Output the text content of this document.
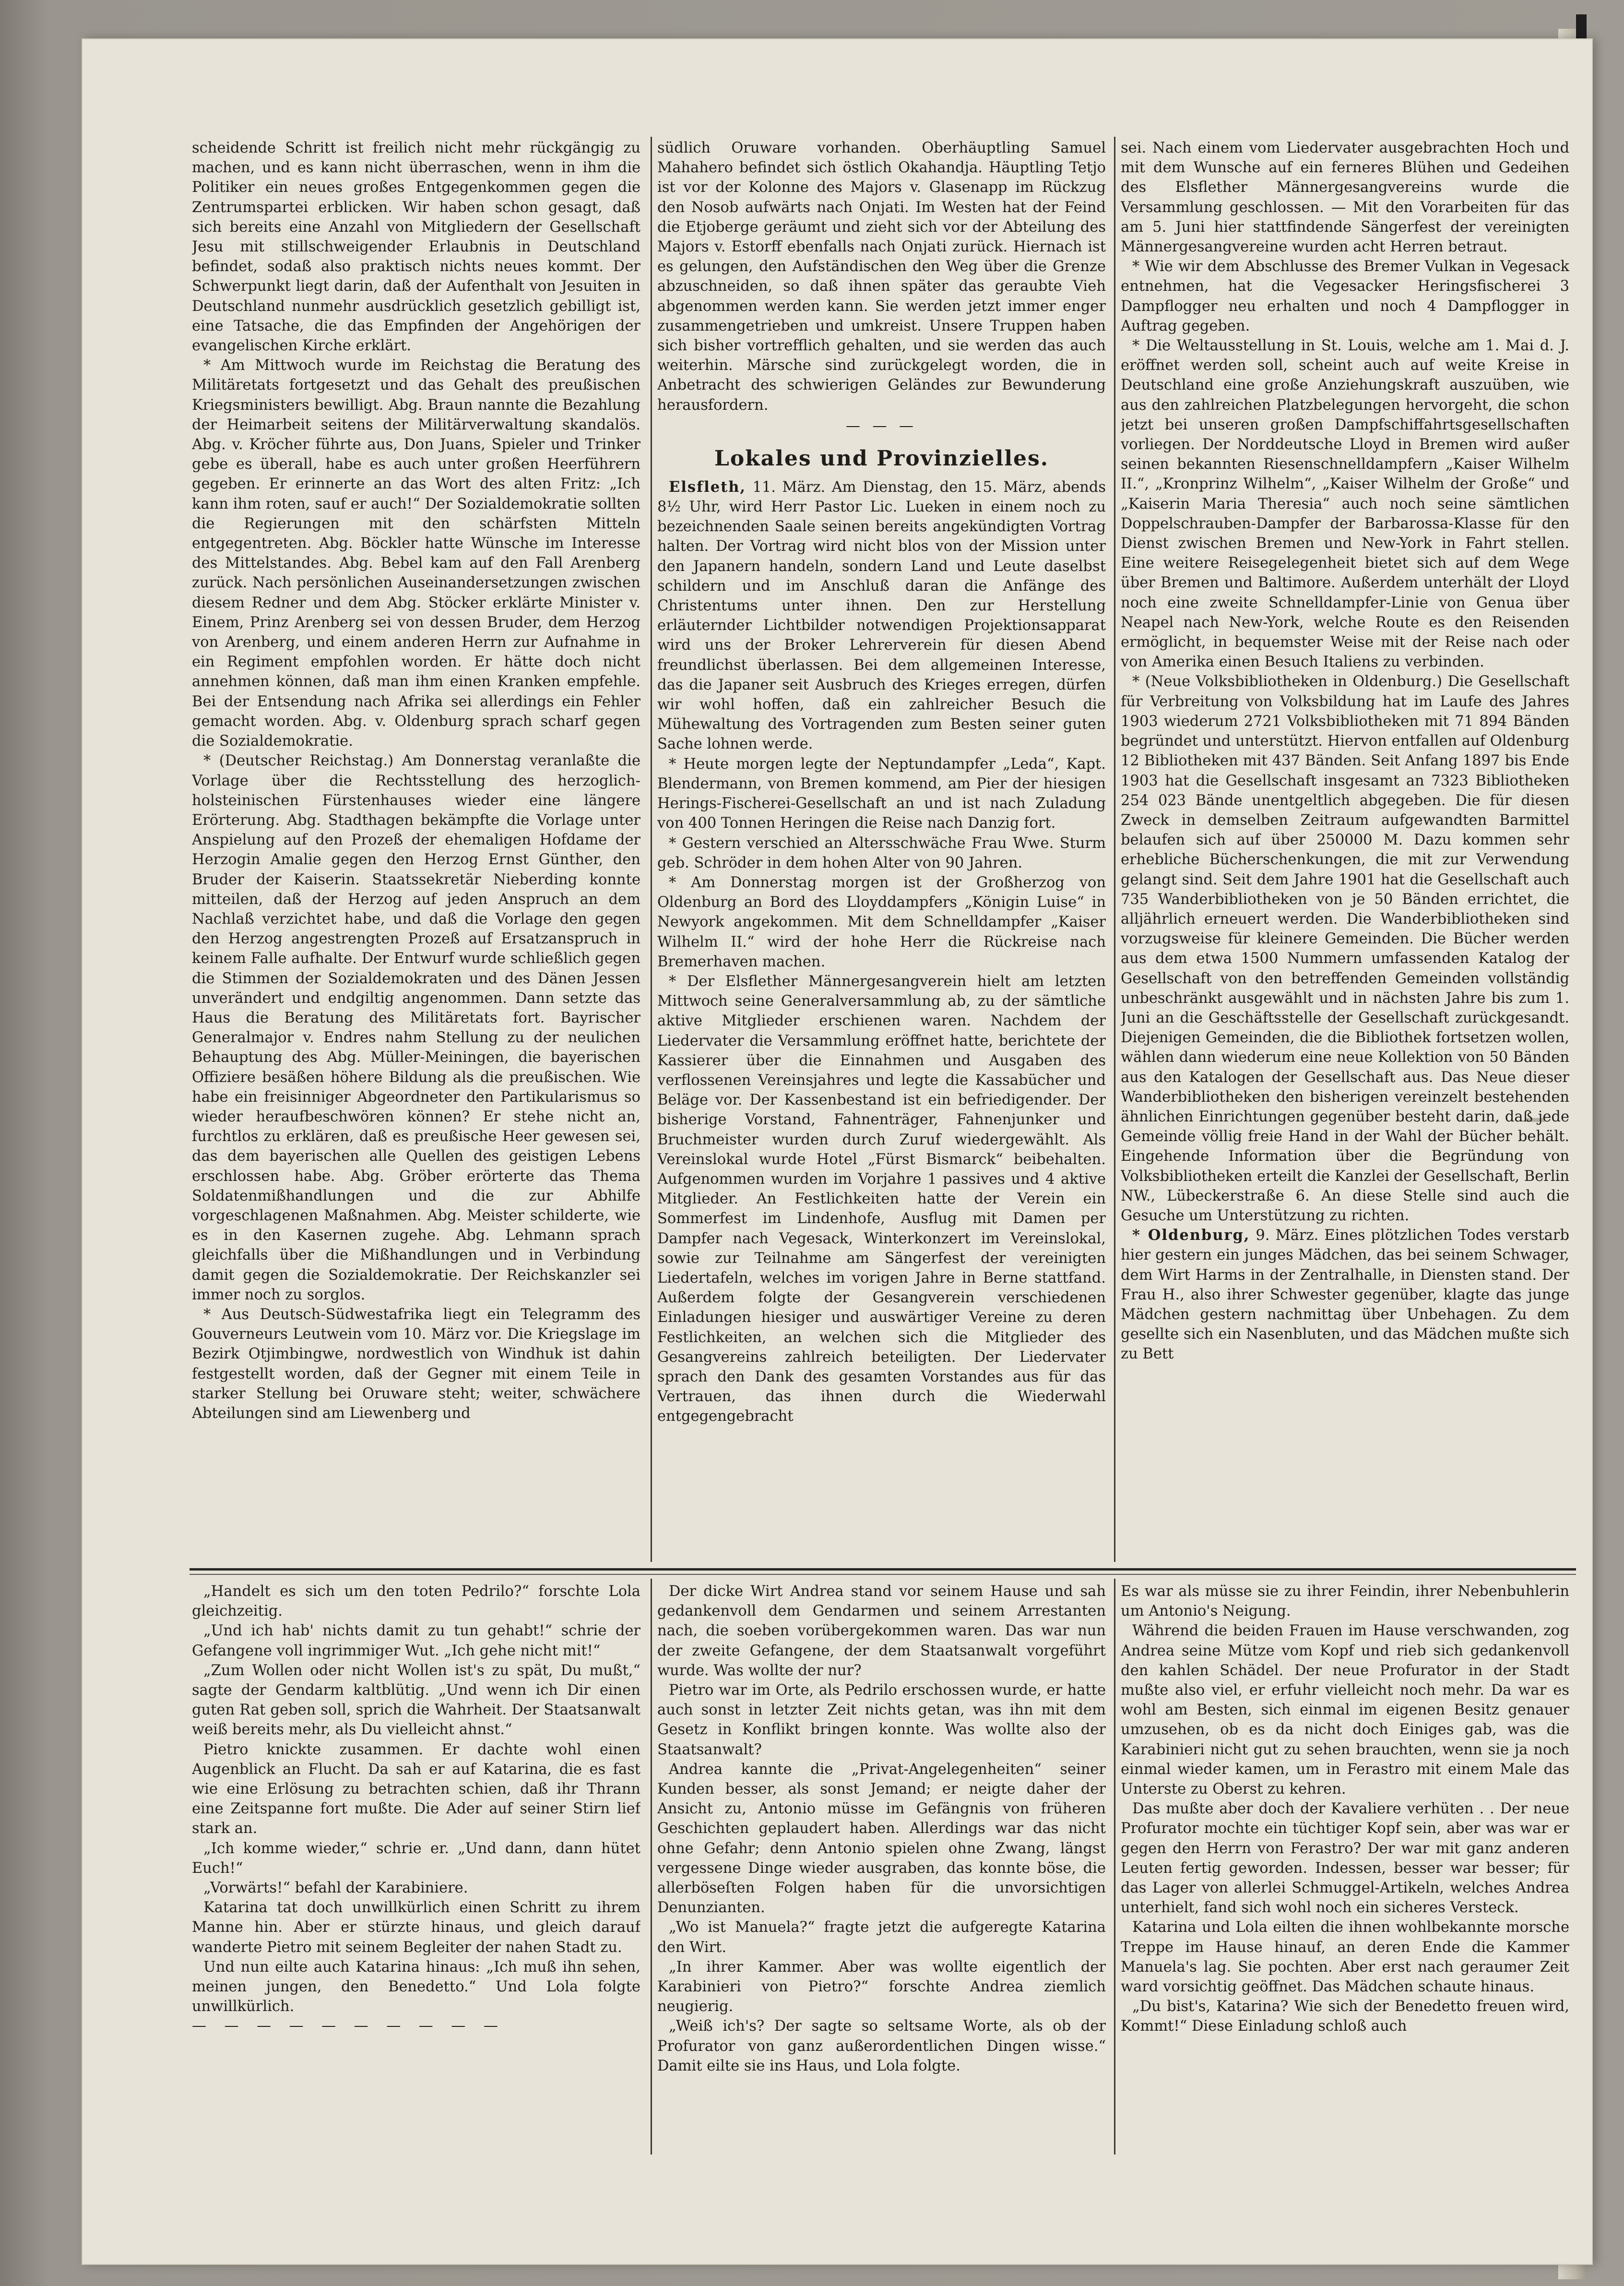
scheidende Schritt ist freilich nicht mehr rückgängig zu machen, und es kann nicht überraschen, wenn in ihm die Politiker ein neues großes Entgegenkommen gegen die Zentrumspartei erblicken. Wir haben schon gesagt, daß sich bereits eine Anzahl von Mitgliedern der Gesellschaft Jesu mit stillschweigender Erlaubnis in Deutschland befindet, sodaß also praktisch nichts neues kommt. Der Schwerpunkt liegt darin, daß der Aufenthalt von Jesuiten in Deutschland nunmehr ausdrücklich gesetzlich gebilligt ist, eine Tatsache, die das Empfinden der Angehörigen der evangelischen Kirche erklärt.

* Am Mittwoch wurde im Reichstag die Beratung des Militäretats fortgesetzt und das Gehalt des preußischen Kriegsministers bewilligt. Abg. Braun nannte die Bezahlung der Heimarbeit seitens der Militärverwaltung skandalös. Abg. v. Kröcher führte aus, Don Juans, Spieler und Trinker gebe es überall, habe es auch unter großen Heerführern gegeben. Er erinnerte an das Wort des alten Fritz: „Ich kann ihm roten, sauf er auch!“ Der Sozialdemokratie sollten die Regierungen mit den schärfsten Mitteln entgegentreten. Abg. Böckler hatte Wünsche im Interesse des Mittelstandes. Abg. Bebel kam auf den Fall Arenberg zurück. Nach persönlichen Auseinandersetzungen zwischen diesem Redner und dem Abg. Stöcker erklärte Minister v. Einem, Prinz Arenberg sei von dessen Bruder, dem Herzog von Arenberg, und einem anderen Herrn zur Aufnahme in ein Regiment empfohlen worden. Er hätte doch nicht annehmen können, daß man ihm einen Kranken empfehle. Bei der Entsendung nach Afrika sei allerdings ein Fehler gemacht worden. Abg. v. Oldenburg sprach scharf gegen die Sozialdemokratie.

* (Deutscher Reichstag.) Am Donnerstag veranlaßte die Vorlage über die Rechtsstellung des herzoglich-holsteinischen Fürstenhauses wieder eine längere Erörterung. Abg. Stadthagen bekämpfte die Vorlage unter Anspielung auf den Prozeß der ehemaligen Hofdame der Herzogin Amalie gegen den Herzog Ernst Günther, den Bruder der Kaiserin. Staatssekretär Nieberding konnte mitteilen, daß der Herzog auf jeden Anspruch an dem Nachlaß verzichtet habe, und daß die Vorlage den gegen den Herzog angestrengten Prozeß auf Ersatzanspruch in keinem Falle aufhalte. Der Entwurf wurde schließlich gegen die Stimmen der Sozialdemokraten und des Dänen Jessen unverändert und endgiltig angenommen. Dann setzte das Haus die Beratung des Militäretats fort. Bayrischer Generalmajor v. Endres nahm Stellung zu der neulichen Behauptung des Abg. Müller-Meiningen, die bayerischen Offiziere besäßen höhere Bildung als die preußischen. Wie habe ein freisinniger Abgeordneter den Partikularismus so wieder heraufbeschwören können? Er stehe nicht an, furchtlos zu erklären, daß es preußische Heer gewesen sei, das dem bayerischen alle Quellen des geistigen Lebens erschlossen habe. Abg. Gröber erörterte das Thema Soldatenmißhandlungen und die zur Abhilfe vorgeschlagenen Maßnahmen. Abg. Meister schilderte, wie es in den Kasernen zugehe. Abg. Lehmann sprach gleichfalls über die Mißhandlungen und in Verbindung damit gegen die Sozialdemokratie. Der Reichskanzler sei immer noch zu sorglos.

* Aus Deutsch-Südwestafrika liegt ein Telegramm des Gouverneurs Leutwein vom 10. März vor. Die Kriegslage im Bezirk Otjimbingwe, nordwestlich von Windhuk ist dahin festgestellt worden, daß der Gegner mit einem Teile in starker Stellung bei Oruware steht; weiter, schwächere Abteilungen sind am Liewenberg und

südlich Oruware vorhanden. Oberhäuptling Samuel Mahahero befindet sich östlich Okahandja. Häuptling Tetjo ist vor der Kolonne des Majors v. Glasenapp im Rückzug den Nosob aufwärts nach Onjati. Im Westen hat der Feind die Etjoberge geräumt und zieht sich vor der Abteilung des Majors v. Estorff ebenfalls nach Onjati zurück. Hiernach ist es gelungen, den Aufständischen den Weg über die Grenze abzuschneiden, so daß ihnen später das geraubte Vieh abgenommen werden kann. Sie werden jetzt immer enger zusammengetrieben und umkreist. Unsere Truppen haben sich bisher vortrefflich gehalten, und sie werden das auch weiterhin. Märsche sind zurückgelegt worden, die in Anbetracht des schwierigen Geländes zur Bewunderung herausfordern.

— — —
Lokales und Provinzielles.

Elsfleth, 11. März. Am Dienstag, den 15. März, abends 8½ Uhr, wird Herr Pastor Lic. Lueken in einem noch zu bezeichnenden Saale seinen bereits angekündigten Vortrag halten. Der Vortrag wird nicht blos von der Mission unter den Japanern handeln, sondern Land und Leute daselbst schildern und im Anschluß daran die Anfänge des Christentums unter ihnen. Den zur Herstellung erläuternder Lichtbilder notwendigen Projektionsapparat wird uns der Broker Lehrerverein für diesen Abend freundlichst überlassen. Bei dem allgemeinen Interesse, das die Japaner seit Ausbruch des Krieges erregen, dürfen wir wohl hoffen, daß ein zahlreicher Besuch die Mühewaltung des Vortragenden zum Besten seiner guten Sache lohnen werde.

* Heute morgen legte der Neptundampfer „Leda“, Kapt. Blendermann, von Bremen kommend, am Pier der hiesigen Herings-Fischerei-Gesellschaft an und ist nach Zuladung von 400 Tonnen Heringen die Reise nach Danzig fort.

* Gestern verschied an Altersschwäche Frau Wwe. Sturm geb. Schröder in dem hohen Alter von 90 Jahren.

* Am Donnerstag morgen ist der Großherzog von Oldenburg an Bord des Lloyddampfers „Königin Luise“ in Newyork angekommen. Mit dem Schnelldampfer „Kaiser Wilhelm II.“ wird der hohe Herr die Rückreise nach Bremerhaven machen.

* Der Elsflether Männergesangverein hielt am letzten Mittwoch seine Generalversammlung ab, zu der sämtliche aktive Mitglieder erschienen waren. Nachdem der Liedervater die Versammlung eröffnet hatte, berichtete der Kassierer über die Einnahmen und Ausgaben des verflossenen Vereinsjahres und legte die Kassabücher und Beläge vor. Der Kassenbestand ist ein befriedigender. Der bisherige Vorstand, Fahnenträger, Fahnenjunker und Bruchmeister wurden durch Zuruf wiedergewählt. Als Vereinslokal wurde Hotel „Fürst Bismarck“ beibehalten. Aufgenommen wurden im Vorjahre 1 passives und 4 aktive Mitglieder. An Festlichkeiten hatte der Verein ein Sommerfest im Lindenhofe, Ausflug mit Damen per Dampfer nach Vegesack, Winterkonzert im Vereinslokal, sowie zur Teilnahme am Sängerfest der vereinigten Liedertafeln, welches im vorigen Jahre in Berne stattfand. Außerdem folgte der Gesangverein verschiedenen Einladungen hiesiger und auswärtiger Vereine zu deren Festlichkeiten, an welchen sich die Mitglieder des Gesangvereins zahlreich beteiligten. Der Liedervater sprach den Dank des gesamten Vorstandes aus für das Vertrauen, das ihnen durch die Wiederwahl entgegengebracht

sei. Nach einem vom Liedervater ausgebrachten Hoch und mit dem Wunsche auf ein ferneres Blühen und Gedeihen des Elsflether Männergesangvereins wurde die Versammlung geschlossen. — Mit den Vorarbeiten für das am 5. Juni hier stattfindende Sängerfest der vereinigten Männergesangvereine wurden acht Herren betraut.

* Wie wir dem Abschlusse des Bremer Vulkan in Vegesack entnehmen, hat die Vegesacker Heringsfischerei 3 Dampflogger neu erhalten und noch 4 Dampflogger in Auftrag gegeben.

* Die Weltausstellung in St. Louis, welche am 1. Mai d. J. eröffnet werden soll, scheint auch auf weite Kreise in Deutschland eine große Anziehungskraft auszuüben, wie aus den zahlreichen Platzbelegungen hervorgeht, die schon jetzt bei unseren großen Dampfschiffahrtsgesellschaften vorliegen. Der Norddeutsche Lloyd in Bremen wird außer seinen bekannten Riesenschnelldampfern „Kaiser Wilhelm II.“, „Kronprinz Wilhelm“, „Kaiser Wilhelm der Große“ und „Kaiserin Maria Theresia“ auch noch seine sämtlichen Doppelschrauben-Dampfer der Barbarossa-Klasse für den Dienst zwischen Bremen und New-York in Fahrt stellen. Eine weitere Reisegelegenheit bietet sich auf dem Wege über Bremen und Baltimore. Außerdem unterhält der Lloyd noch eine zweite Schnelldampfer-Linie von Genua über Neapel nach New-York, welche Route es den Reisenden ermöglicht, in bequemster Weise mit der Reise nach oder von Amerika einen Besuch Italiens zu verbinden.

* (Neue Volksbibliotheken in Oldenburg.) Die Gesellschaft für Verbreitung von Volksbildung hat im Laufe des Jahres 1903 wiederum 2721 Volksbibliotheken mit 71 894 Bänden begründet und unterstützt. Hiervon entfallen auf Oldenburg 12 Bibliotheken mit 437 Bänden. Seit Anfang 1897 bis Ende 1903 hat die Gesellschaft insgesamt an 7323 Bibliotheken 254 023 Bände unentgeltlich abgegeben. Die für diesen Zweck in demselben Zeitraum aufgewandten Barmittel belaufen sich auf über 250000 M. Dazu kommen sehr erhebliche Bücherschenkungen, die mit zur Verwendung gelangt sind. Seit dem Jahre 1901 hat die Gesellschaft auch 735 Wanderbibliotheken von je 50 Bänden errichtet, die alljährlich erneuert werden. Die Wanderbibliotheken sind vorzugsweise für kleinere Gemeinden. Die Bücher werden aus dem etwa 1500 Nummern umfassenden Katalog der Gesellschaft von den betreffenden Gemeinden vollständig unbeschränkt ausgewählt und in nächsten Jahre bis zum 1. Juni an die Geschäftsstelle der Gesellschaft zurückgesandt. Diejenigen Gemeinden, die die Bibliothek fortsetzen wollen, wählen dann wiederum eine neue Kollektion von 50 Bänden aus den Katalogen der Gesellschaft aus. Das Neue dieser Wanderbibliotheken den bisherigen vereinzelt bestehenden ähnlichen Einrichtungen gegenüber besteht darin, daß jede Gemeinde völlig freie Hand in der Wahl der Bücher behält. Eingehende Information über die Begründung von Volksbibliotheken erteilt die Kanzlei der Gesellschaft, Berlin NW., Lübeckerstraße 6. An diese Stelle sind auch die Gesuche um Unterstützung zu richten.

* Oldenburg, 9. März. Eines plötzlichen Todes verstarb hier gestern ein junges Mädchen, das bei seinem Schwager, dem Wirt Harms in der Zentralhalle, in Diensten stand. Der Frau H., also ihrer Schwester gegenüber, klagte das junge Mädchen gestern nachmittag über Unbehagen. Zu dem gesellte sich ein Nasenbluten, und das Mädchen mußte sich zu Bett

„Handelt es sich um den toten Pedrilo?“ forschte Lola gleichzeitig.

„Und ich hab' nichts damit zu tun gehabt!“ schrie der Gefangene voll ingrimmiger Wut. „Ich gehe nicht mit!“

„Zum Wollen oder nicht Wollen ist's zu spät, Du mußt,“ sagte der Gendarm kaltblütig. „Und wenn ich Dir einen guten Rat geben soll, sprich die Wahrheit. Der Staatsanwalt weiß bereits mehr, als Du vielleicht ahnst.“

Pietro knickte zusammen. Er dachte wohl einen Augenblick an Flucht. Da sah er auf Katarina, die es fast wie eine Erlösung zu betrachten schien, daß ihr Thrann eine Zeitspanne fort mußte. Die Ader auf seiner Stirn lief stark an.

„Ich komme wieder,“ schrie er. „Und dann, dann hütet Euch!“

„Vorwärts!“ befahl der Karabiniere.

Katarina tat doch unwillkürlich einen Schritt zu ihrem Manne hin. Aber er stürzte hinaus, und gleich darauf wanderte Pietro mit seinem Begleiter der nahen Stadt zu.

Und nun eilte auch Katarina hinaus: „Ich muß ihn sehen, meinen jungen, den Benedetto.“ Und Lola folgte unwillkürlich.

— — — — — — — — — —

Der dicke Wirt Andrea stand vor seinem Hause und sah gedankenvoll dem Gendarmen und seinem Arrestanten nach, die soeben vorübergekommen waren. Das war nun der zweite Gefangene, der dem Staatsanwalt vorgeführt wurde. Was wollte der nur?

Pietro war im Orte, als Pedrilo erschossen wurde, er hatte auch sonst in letzter Zeit nichts getan, was ihn mit dem Gesetz in Konflikt bringen konnte. Was wollte also der Staatsanwalt?

Andrea kannte die „Privat-Angelegenheiten“ seiner Kunden besser, als sonst Jemand; er neigte daher der Ansicht zu, Antonio müsse im Gefängnis von früheren Geschichten geplaudert haben. Allerdings war das nicht ohne Gefahr; denn Antonio spielen ohne Zwang, längst vergessene Dinge wieder ausgraben, das konnte böse, die allerböseſten Folgen haben für die unvorsichtigen Denunzianten.

„Wo ist Manuela?“ fragte jetzt die aufgeregte Katarina den Wirt.

„In ihrer Kammer. Aber was wollte eigentlich der Karabinieri von Pietro?“ forschte Andrea ziemlich neugierig.

„Weiß ich's? Der sagte so seltsame Worte, als ob der Profurator von ganz außerordentlichen Dingen wisse.“ Damit eilte sie ins Haus, und Lola folgte.

Es war als müsse sie zu ihrer Feindin, ihrer Nebenbuhlerin um Antonio's Neigung.

Während die beiden Frauen im Hause verschwanden, zog Andrea seine Mütze vom Kopf und rieb sich gedankenvoll den kahlen Schädel. Der neue Profurator in der Stadt mußte also viel, er erfuhr vielleicht noch mehr. Da war es wohl am Besten, sich einmal im eigenen Besitz genauer umzusehen, ob es da nicht doch Einiges gab, was die Karabinieri nicht gut zu sehen brauchten, wenn sie ja noch einmal wieder kamen, um in Ferastro mit einem Male das Unterste zu Oberst zu kehren.

Das mußte aber doch der Kavaliere verhüten . . Der neue Profurator mochte ein tüchtiger Kopf sein, aber was war er gegen den Herrn von Ferastro? Der war mit ganz anderen Leuten fertig geworden. Indessen, besser war besser; für das Lager von allerlei Schmuggel-Artikeln, welches Andrea unterhielt, fand sich wohl noch ein sicheres Versteck.

Katarina und Lola eilten die ihnen wohlbekannte morsche Treppe im Hause hinauf, an deren Ende die Kammer Manuela's lag. Sie pochten. Aber erst nach geraumer Zeit ward vorsichtig geöffnet. Das Mädchen schaute hinaus.

„Du bist's, Katarina? Wie sich der Benedetto freuen wird, Kommt!“ Diese Einladung schloß auch
